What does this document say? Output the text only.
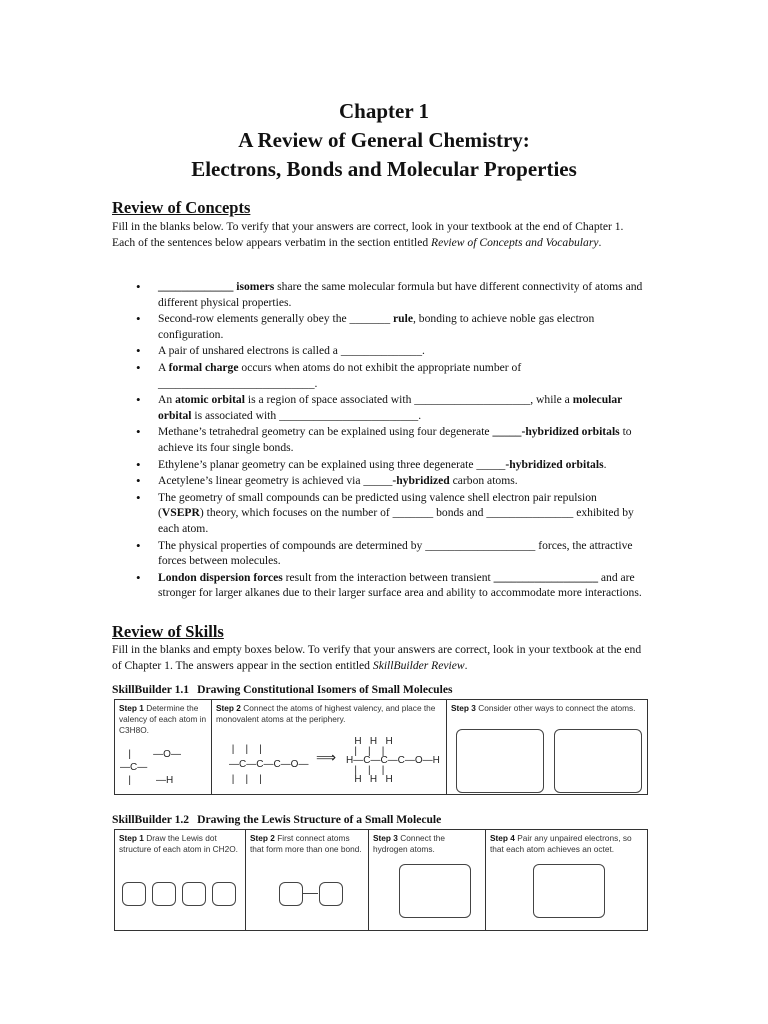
Chapter 1
A Review of General Chemistry:
Electrons, Bonds and Molecular Properties
Review of Concepts
Fill in the blanks below. To verify that your answers are correct, look in your textbook at the end of Chapter 1. Each of the sentences below appears verbatim in the section entitled Review of Concepts and Vocabulary.
• _____________ isomers share the same molecular formula but have different connectivity of atoms and different physical properties.
• Second-row elements generally obey the _______ rule, bonding to achieve noble gas electron configuration.
• A pair of unshared electrons is called a ______________.
• A formal charge occurs when atoms do not exhibit the appropriate number of ___________________________.
• An atomic orbital is a region of space associated with ____________________, while a molecular orbital is associated with ________________________.
• Methane’s tetrahedral geometry can be explained using four degenerate _____-hybridized orbitals to achieve its four single bonds.
• Ethylene’s planar geometry can be explained using three degenerate _____-hybridized orbitals.
• Acetylene’s linear geometry is achieved via _____-hybridized carbon atoms.
• The geometry of small compounds can be predicted using valence shell electron pair repulsion (VSEPR) theory, which focuses on the number of _______ bonds and _______________ exhibited by each atom.
• The physical properties of compounds are determined by ___________________ forces, the attractive forces between molecules.
• London dispersion forces result from the interaction between transient __________________ and are stronger for larger alkanes due to their larger surface area and ability to accommodate more interactions.
Review of Skills
Fill in the blanks and empty boxes below. To verify that your answers are correct, look in your textbook at the end of Chapter 1. The answers appear in the section entitled SkillBuilder Review.
SkillBuilder 1.1 Drawing Constitutional Isomers of Small Molecules
Step 1 Determine the valency of each atom in C3H8O.	Step 2 Connect the atoms of highest valency, and place the monovalent atoms at the periphery.	Step 3 Consider other ways to connect the atoms.
|        —O—
—C—
|         —H
|    |    |
—C—C—C—O—
|    |    |
⟹
H   H   H
|    |    |
H—C—C—C—O—H
|    |    |
H   H   H
SkillBuilder 1.2 Drawing the Lewis Structure of a Small Molecule
Step 1 Draw the Lewis dot structure of each atom in CH2O.	Step 2 First connect atoms that form more than one bond.	Step 3 Connect the hydrogen atoms.	Step 4 Pair any unpaired electrons, so that each atom achieves an octet.
